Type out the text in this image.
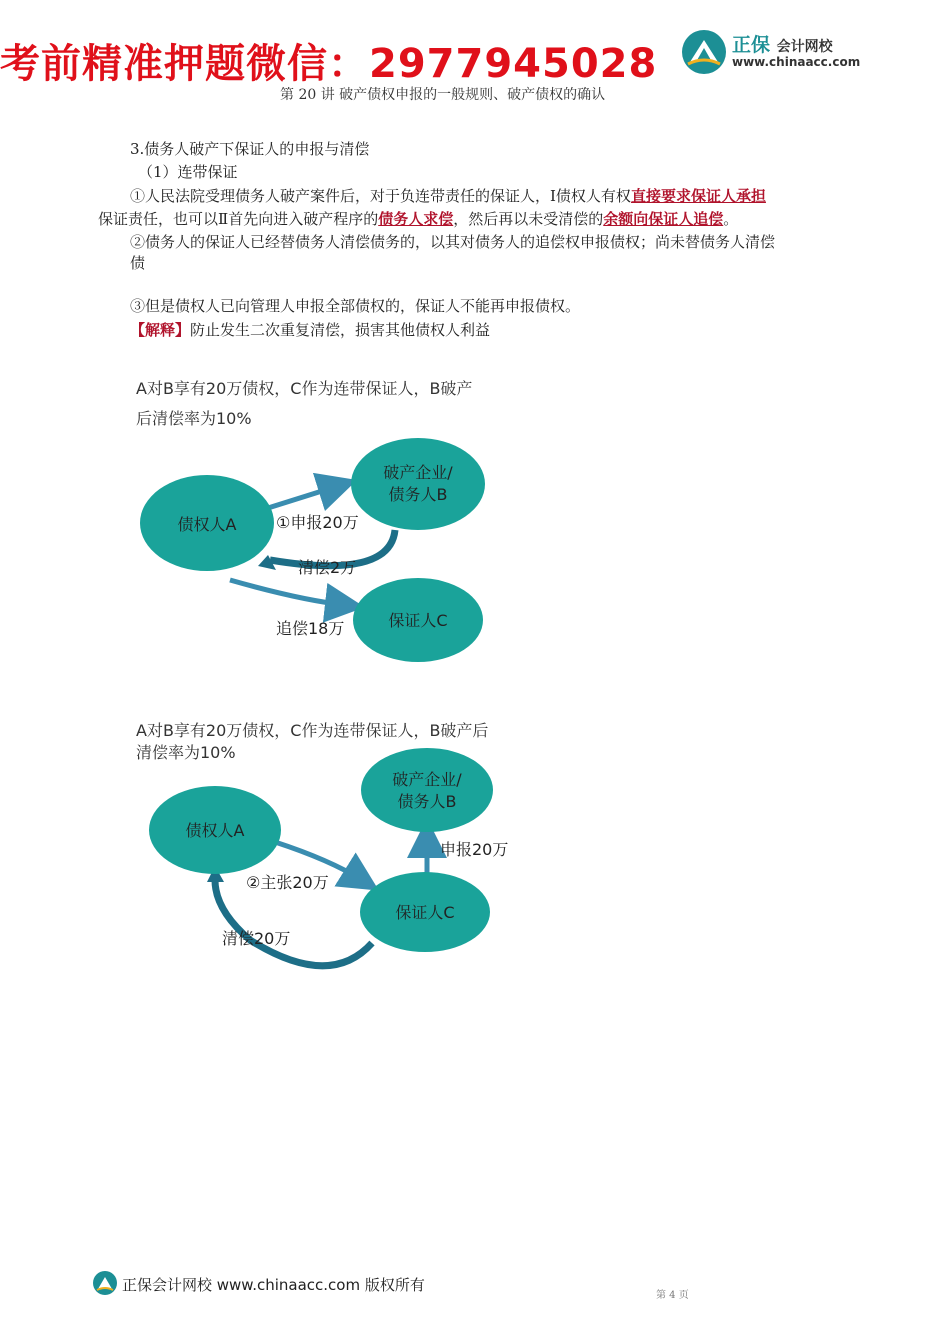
考前精准押题微信：2977945028
第 20 讲 破产债权申报的一般规则、破产债权的确认
正保 会计网校
www.chinaacc.com
3.债务人破产下保证人的申报与清偿
（1）连带保证
①人民法院受理债务人破产案件后，对于负连带责任的保证人，Ⅰ债权人有权直接要求保证人承担
保证责任，也可以Ⅱ首先向进入破产程序的债务人求偿，然后再以未受清偿的余额向保证人追偿。
②债务人的保证人已经替债务人清偿债务的，以其对债务人的追偿权申报债权；尚未替债务人清偿
债
③但是债权人已向管理人申报全部债权的，保证人不能再申报债权。
【解释】防止发生二次重复清偿，损害其他债权人利益
A对B享有20万债权，C作为连带保证人，B破产
后清偿率为10%
债权人A
破产企业/
债务人B
保证人C
①申报20万
清偿2万
追偿18万
A对B享有20万债权，C作为连带保证人，B破产后
清偿率为10%
债权人A
破产企业/
债务人B
保证人C
申报20万
②主张20万
清偿20万
正保会计网校 www.chinaacc.com 版权所有
第 4 页
